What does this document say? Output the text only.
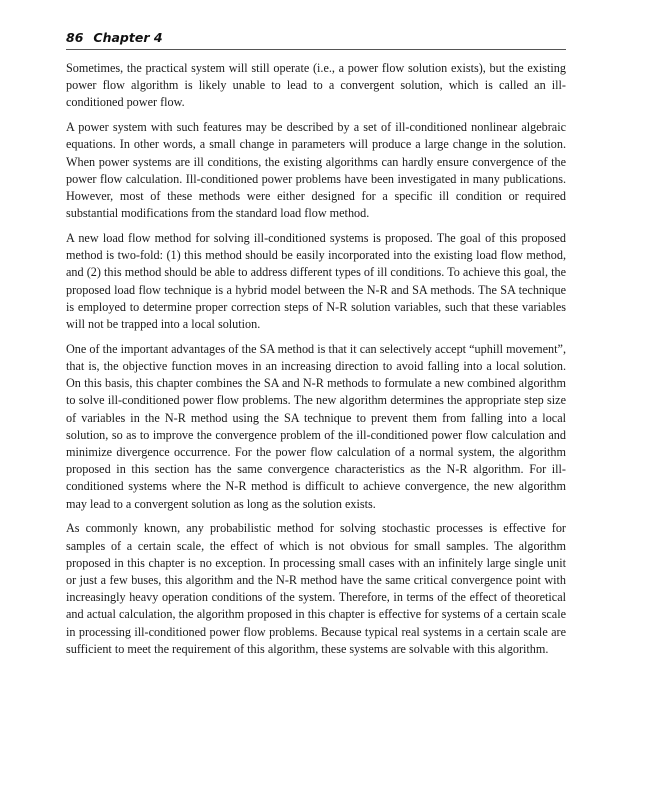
86 Chapter 4

Sometimes, the practical system will still operate (i.e., a power flow solution exists), but the existing power flow algorithm is likely unable to lead to a convergent solution, which is called an ill-conditioned power flow.

A power system with such features may be described by a set of ill-conditioned nonlinear algebraic equations. In other words, a small change in parameters will produce a large change in the solution. When power systems are ill conditions, the existing algorithms can hardly ensure convergence of the power flow calculation. Ill-conditioned power problems have been investigated in many publications. However, most of these methods were either designed for a specific ill condition or required substantial modifications from the standard load flow method.

A new load flow method for solving ill-conditioned systems is proposed. The goal of this proposed method is two-fold: (1) this method should be easily incorporated into the existing load flow method, and (2) this method should be able to address different types of ill conditions. To achieve this goal, the proposed load flow technique is a hybrid model between the N-R and SA methods. The SA technique is employed to determine proper correction steps of N-R solution variables, such that these variables will not be trapped into a local solution.

One of the important advantages of the SA method is that it can selectively accept “uphill movement”, that is, the objective function moves in an increasing direction to avoid falling into a local solution. On this basis, this chapter combines the SA and N-R methods to formulate a new combined algorithm to solve ill-conditioned power flow problems. The new algorithm determines the appropriate step size of variables in the N-R method using the SA technique to prevent them from falling into a local solution, so as to improve the convergence problem of the ill-conditioned power flow calculation and minimize divergence occurrence. For the power flow calculation of a normal system, the algorithm proposed in this section has the same convergence characteristics as the N-R algorithm. For ill-conditioned systems where the N-R method is difficult to achieve convergence, the new algorithm may lead to a convergent solution as long as the solution exists.

As commonly known, any probabilistic method for solving stochastic processes is effective for samples of a certain scale, the effect of which is not obvious for small samples. The algorithm proposed in this chapter is no exception. In processing small cases with an infinitely large single unit or just a few buses, this algorithm and the N-R method have the same critical convergence point with increasingly heavy operation conditions of the system. Therefore, in terms of the effect of theoretical and actual calculation, the algorithm proposed in this chapter is effective for systems of a certain scale in processing ill-conditioned power flow problems. Because typical real systems in a certain scale are sufficient to meet the requirement of this algorithm, these systems are solvable with this algorithm.
